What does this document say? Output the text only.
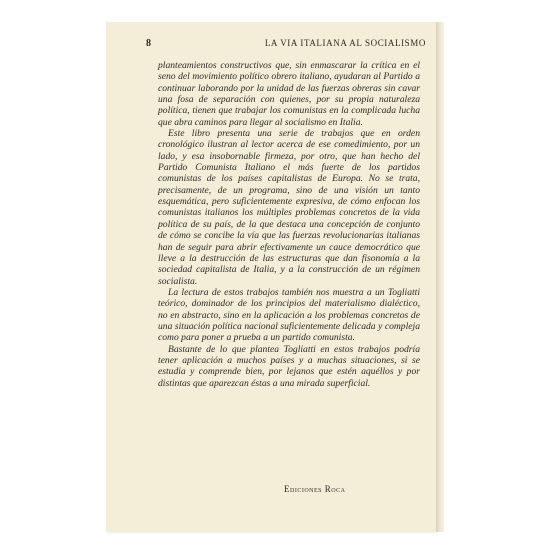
8	LA VIA ITALIANA AL SOCIALISMO

planteamientos constructivos que, sin enmascarar la crítica en el seno del movimiento político obrero italiano, ayudaran al Partido a continuar laborando por la unidad de las fuerzas obreras sin cavar una fosa de separación con quienes, por su propia naturaleza política, tienen que trabajar los comunistas en la complicada lucha que abra caminos para llegar al socialismo en Italia.

Este libro presenta una serie de trabajos que en orden cronológico ilustran al lector acerca de ese comedimiento, por un lado, y esa insobornable firmeza, por otro, que han hecho del Partido Comunista Italiano el más fuerte de los partidos comunistas de los países capitalistas de Europa. No se trata, precisamente, de un programa, sino de una visión un tanto esquemática, pero suficientemente expresiva, de cómo enfocan los comunistas italianos los múltiples problemas concretos de la vida política de su país, de la que destaca una concepción de conjunto de cómo se concibe la vía que las fuerzas revolucionarias italianas han de seguir para abrir efectivamente un cauce democrático que lleve a la destrucción de las estructuras que dan fisonomía a la sociedad capitalista de Italia, y a la construcción de un régimen socialista.

La lectura de estos trabajos también nos muestra a un Togliatti teórico, dominador de los principios del materialismo dialéctico, no en abstracto, sino en la aplicación a los problemas concretos de una situación política nacional suficientemente delicada y compleja como para poner a prueba a un partido comunista.

Bastante de lo que plantea Togliatti en estos trabajos podría tener aplicación a muchos países y a muchas situaciones, si se estudia y comprende bien, por lejanos que estén aquéllos y por distintas que aparezcan éstas a una mirada superficial.

Ediciones Roca
